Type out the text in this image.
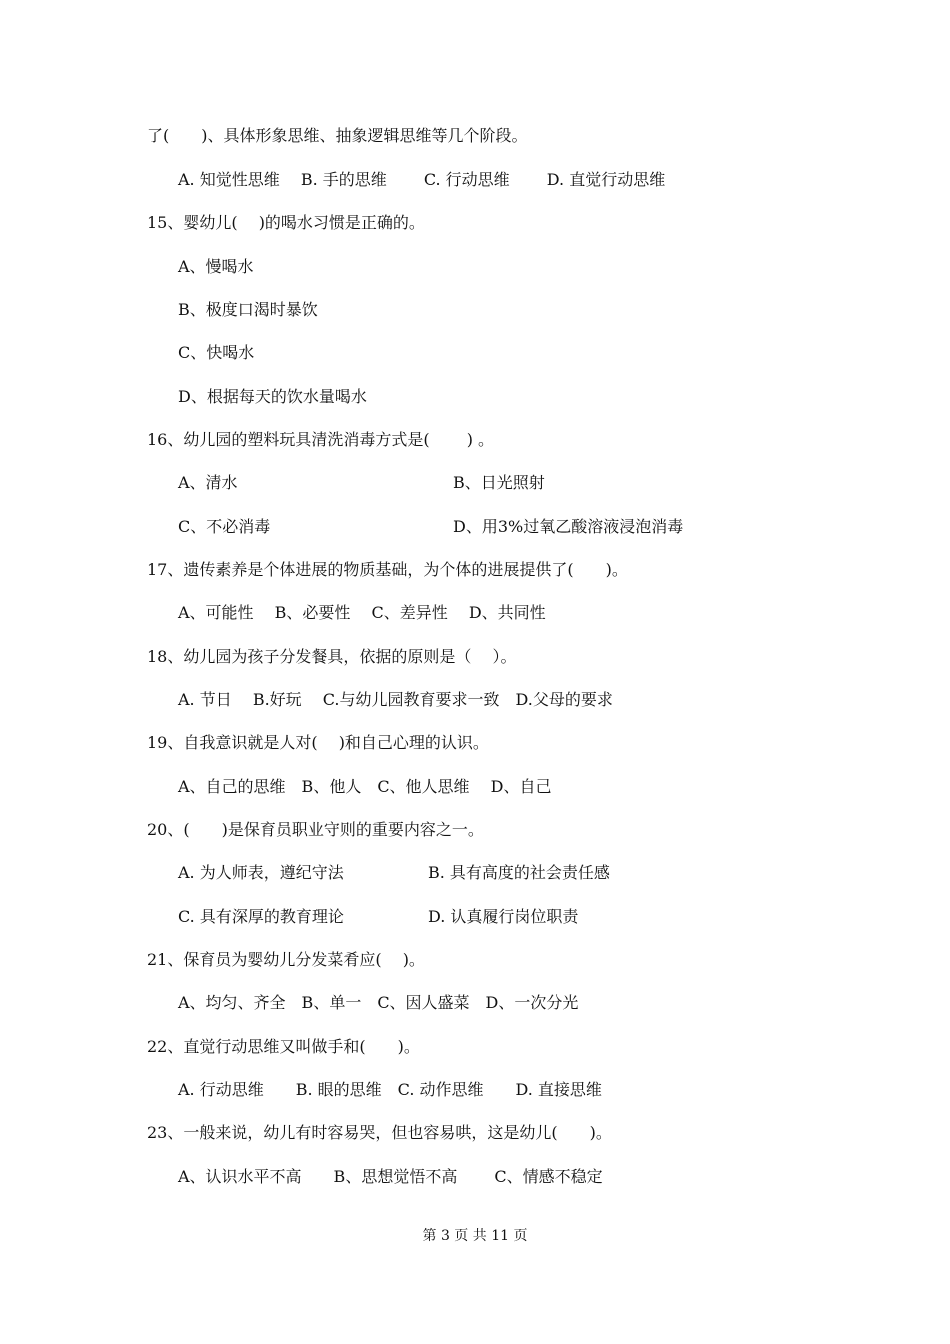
了(　　)、具体形象思维、抽象逻辑思维等几个阶段。
A. 知觉性思维　 B. 手的思维　　 C. 行动思维　　 D. 直觉行动思维
15、婴幼儿(　 )的喝水习惯是正确的。
A、慢喝水
B、极度口渴时暴饮
C、快喝水
D、根据每天的饮水量喝水
16、幼儿园的塑料玩具清洗消毒方式是(　　 ) 。
A、清水	B、日光照射
C、不必消毒	D、用3%过氧乙酸溶液浸泡消毒
17、遗传素养是个体进展的物质基础，为个体的进展提供了(　　)。
A、可能性　 B、必要性　 C、差异性　 D、共同性
18、幼儿园为孩子分发餐具，依据的原则是（　 ）。
A. 节日　 B.好玩　 C.与幼儿园教育要求一致　D.父母的要求
19、自我意识就是人对(　 )和自己心理的认识。
A、自己的思维　B、他人　C、他人思维　 D、自己
20、(　　)是保育员职业守则的重要内容之一。
A. 为人师表，遵纪守法	B. 具有高度的社会责任感
C. 具有深厚的教育理论	D. 认真履行岗位职责
21、保育员为婴幼儿分发菜肴应(　 )。
A、均匀、齐全　B、单一　C、因人盛菜　D、一次分光
22、直觉行动思维又叫做手和(　　)。
A. 行动思维　　B. 眼的思维　C. 动作思维　　D. 直接思维
23、一般来说，幼儿有时容易哭，但也容易哄，这是幼儿(　　)。
A、认识水平不高　　B、思想觉悟不高　　 C、情感不稳定
第 3 页 共 11 页
